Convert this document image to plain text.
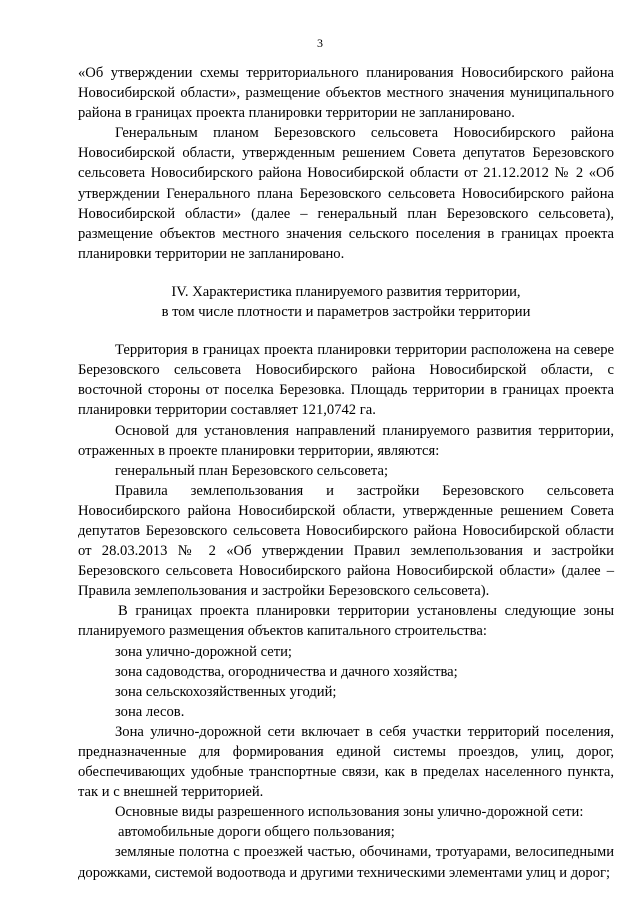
3

«Об утверждении схемы территориального планирования Новосибирского района Новосибирской области», размещение объектов местного значения муниципального района в границах проекта планировки территории не запланировано.

Генеральным планом Березовского сельсовета Новосибирского района Новосибирской области, утвержденным решением Совета депутатов Березовского сельсовета Новосибирского района Новосибирской области от 21.12.2012 № 2 «Об утверждении Генерального плана Березовского сельсовета Новосибирского района Новосибирской области» (далее – генеральный план Березовского сельсовета), размещение объектов местного значения сельского поселения в границах проекта планировки территории не запланировано.

IV. Характеристика планируемого развития территории,

в том числе плотности и параметров застройки территории

Территория в границах проекта планировки территории расположена на севере Березовского сельсовета Новосибирского района Новосибирской области, с восточной стороны от поселка Березовка. Площадь территории в границах проекта планировки территории составляет 121,0742 га.

Основой для установления направлений планируемого развития территории, отраженных в проекте планировки территории, являются:

генеральный план Березовского сельсовета;

Правила землепользования и застройки Березовского сельсовета Новосибирского района Новосибирской области, утвержденные решением Совета депутатов Березовского сельсовета Новосибирского района Новосибирской области от 28.03.2013 № 2 «Об утверждении Правил землепользования и застройки Березовского сельсовета Новосибирского района Новосибирской области» (далее – Правила землепользования и застройки Березовского сельсовета).

В границах проекта планировки территории установлены следующие зоны планируемого размещения объектов капитального строительства:

зона улично-дорожной сети;

зона садоводства, огородничества и дачного хозяйства;

зона сельскохозяйственных угодий;

зона лесов.

Зона улично-дорожной сети включает в себя участки территорий поселения, предназначенные для формирования единой системы проездов, улиц, дорог, обеспечивающих удобные транспортные связи, как в пределах населенного пункта, так и с внешней территорией.

Основные виды разрешенного использования зоны улично-дорожной сети:

автомобильные дороги общего пользования;

земляные полотна с проезжей частью, обочинами, тротуарами, велосипедными дорожками, системой водоотвода и другими техническими элементами улиц и дорог;
